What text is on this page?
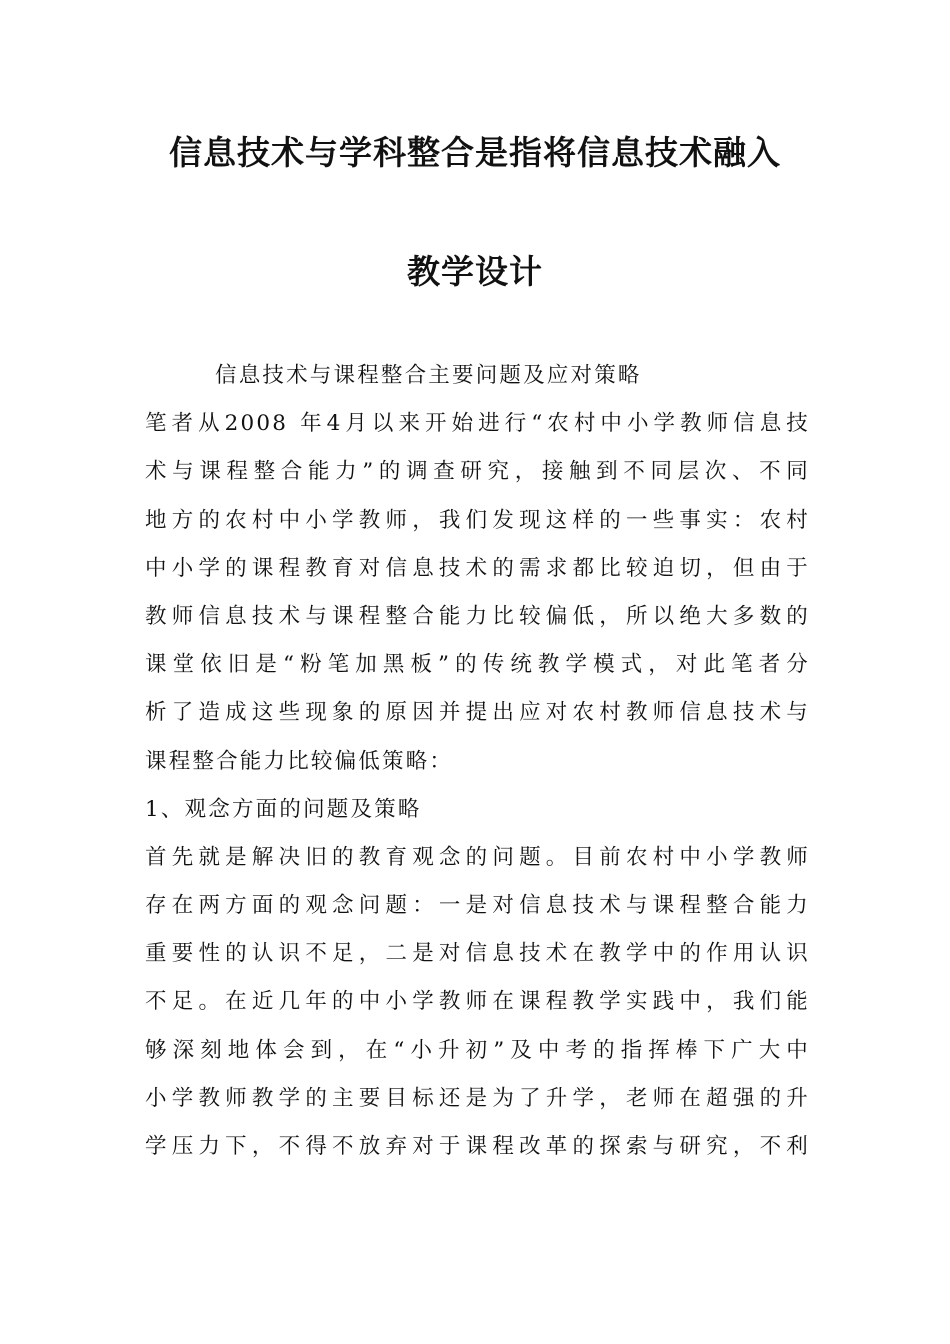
信息技术与学科整合是指将信息技术融入
教学设计
信息技术与课程整合主要问题及应对策略
笔者从2008 年4月以来开始进行“农村中小学教师信息技
术与课程整合能力”的调查研究，接触到不同层次、不同
地方的农村中小学教师，我们发现这样的一些事实：农村
中小学的课程教育对信息技术的需求都比较迫切，但由于
教师信息技术与课程整合能力比较偏低，所以绝大多数的
课堂依旧是“粉笔加黑板”的传统教学模式，对此笔者分
析了造成这些现象的原因并提出应对农村教师信息技术与
课程整合能力比较偏低策略：
1、观念方面的问题及策略
首先就是解决旧的教育观念的问题。目前农村中小学教师
存在两方面的观念问题：一是对信息技术与课程整合能力
重要性的认识不足，二是对信息技术在教学中的作用认识
不足。在近几年的中小学教师在课程教学实践中，我们能
够深刻地体会到，在“小升初”及中考的指挥棒下广大中
小学教师教学的主要目标还是为了升学，老师在超强的升
学压力下，不得不放弃对于课程改革的探索与研究，不利
